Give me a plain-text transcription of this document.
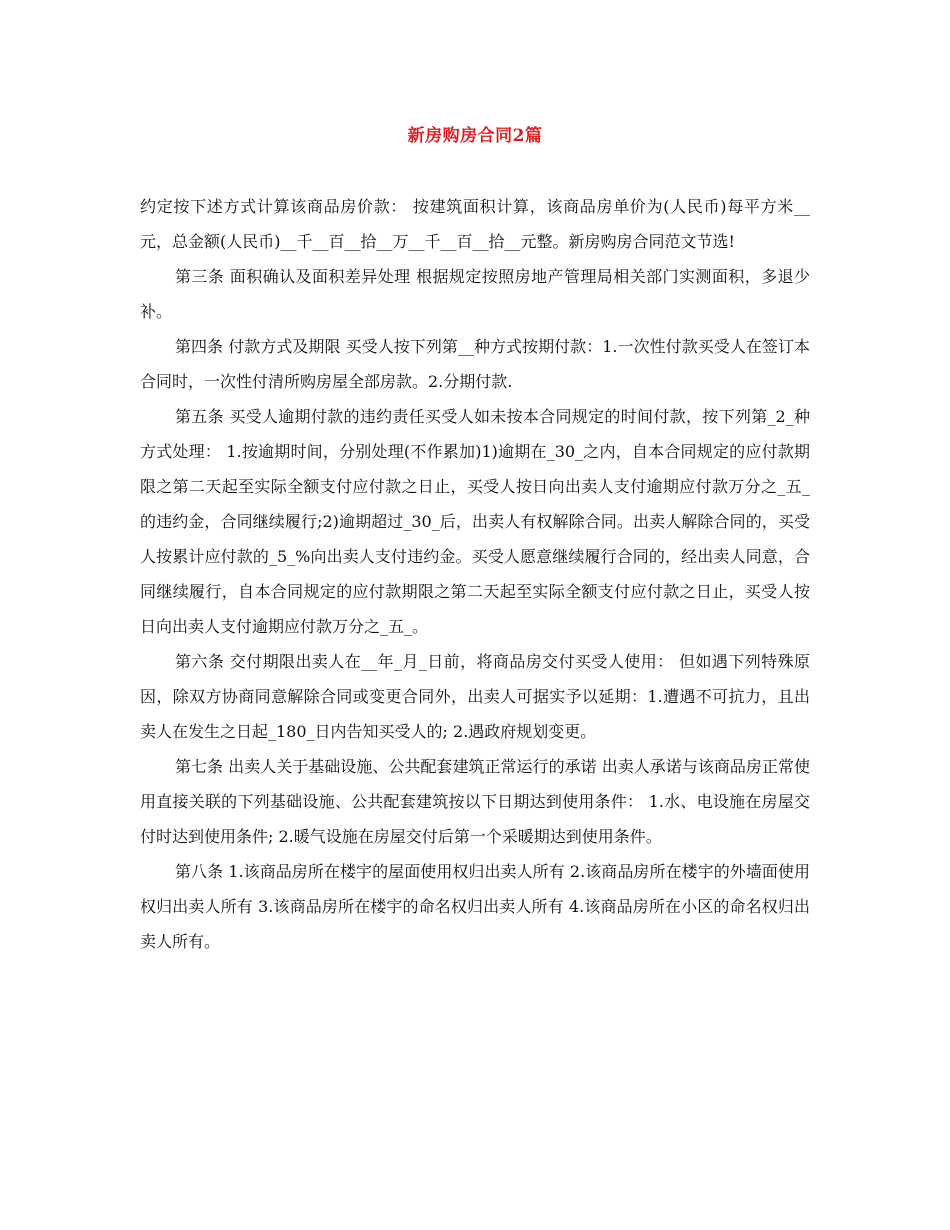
新房购房合同2篇

约定按下述方式计算该商品房价款： 按建筑面积计算，该商品房单价为(人民币)每平方米__元，总金额(人民币)__千__百__拾__万__千__百__拾__元整。新房购房合同范文节选!

第三条 面积确认及面积差异处理 根据规定按照房地产管理局相关部门实测面积，多退少补。

第四条 付款方式及期限 买受人按下列第__种方式按期付款：1.一次性付款买受人在签订本合同时，一次性付清所购房屋全部房款。2.分期付款.

第五条 买受人逾期付款的违约责任买受人如未按本合同规定的时间付款，按下列第_2_种方式处理： 1.按逾期时间，分别处理(不作累加)1)逾期在_30_之内，自本合同规定的应付款期限之第二天起至实际全额支付应付款之日止，买受人按日向出卖人支付逾期应付款万分之_五_的违约金，合同继续履行;2)逾期超过_30_后，出卖人有权解除合同。出卖人解除合同的，买受人按累计应付款的_5_%向出卖人支付违约金。买受人愿意继续履行合同的，经出卖人同意，合同继续履行，自本合同规定的应付款期限之第二天起至实际全额支付应付款之日止，买受人按日向出卖人支付逾期应付款万分之_五_。

第六条 交付期限出卖人在__年_月_日前，将商品房交付买受人使用： 但如遇下列特殊原因，除双方协商同意解除合同或变更合同外，出卖人可据实予以延期：1.遭遇不可抗力，且出卖人在发生之日起_180_日内告知买受人的; 2.遇政府规划变更。

第七条 出卖人关于基础设施、公共配套建筑正常运行的承诺 出卖人承诺与该商品房正常使用直接关联的下列基础设施、公共配套建筑按以下日期达到使用条件： 1.水、电设施在房屋交付时达到使用条件; 2.暖气设施在房屋交付后第一个采暖期达到使用条件。

第八条 1.该商品房所在楼宇的屋面使用权归出卖人所有 2.该商品房所在楼宇的外墙面使用权归出卖人所有 3.该商品房所在楼宇的命名权归出卖人所有 4.该商品房所在小区的命名权归出卖人所有。
